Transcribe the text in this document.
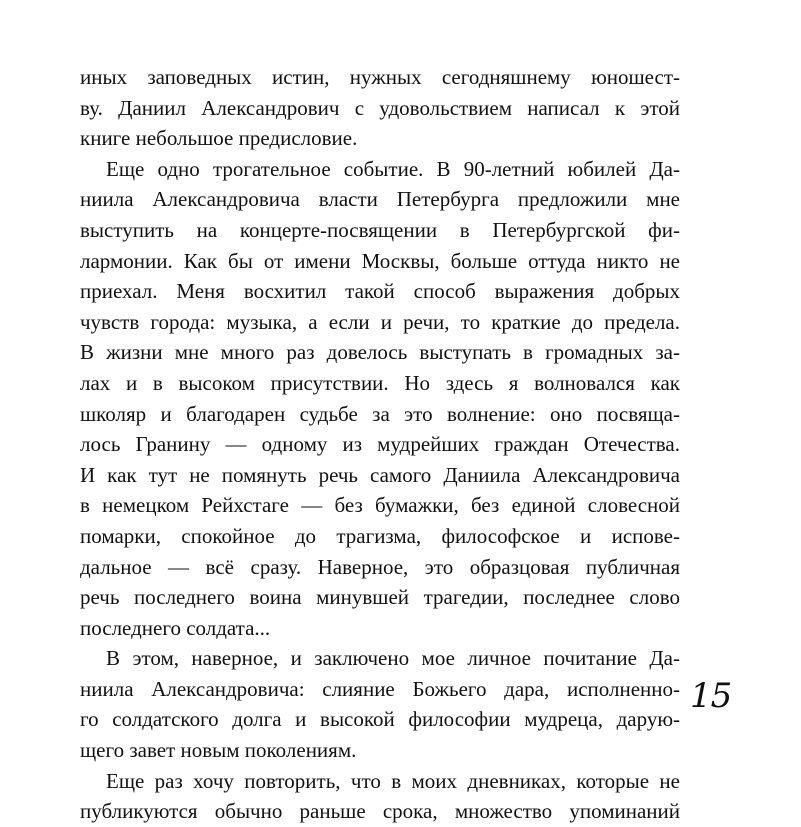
иных заповедных истин, нужных сегодняшнему юношест-
ву. Даниил Александрович с удовольствием написал к этой
книге небольшое предисловие.
Еще одно трогательное событие. В 90-летний юбилей Да-
ниила Александровича власти Петербурга предложили мне
выступить на концерте-посвящении в Петербургской фи-
лармонии. Как бы от имени Москвы, больше оттуда никто не
приехал. Меня восхитил такой способ выражения добрых
чувств города: музыка, а если и речи, то краткие до предела.
В жизни мне много раз довелось выступать в громадных за-
лах и в высоком присутствии. Но здесь я волновался как
школяр и благодарен судьбе за это волнение: оно посвяща-
лось Гранину — одному из мудрейших граждан Отечества.
И как тут не помянуть речь самого Даниила Александровича
в немецком Рейхстаге — без бумажки, без единой словесной
помарки, спокойное до трагизма, философское и испове-
дальное — всё сразу. Наверное, это образцовая публичная
речь последнего воина минувшей трагедии, последнее слово
последнего солдата...
В этом, наверное, и заключено мое личное почитание Да-
ниила Александровича: слияние Божьего дара, исполненно-
го солдатского долга и высокой философии мудреца, дарую-
щего завет новым поколениям.
Еще раз хочу повторить, что в моих дневниках, которые не
публикуются обычно раньше срока, множество упоминаний
15
